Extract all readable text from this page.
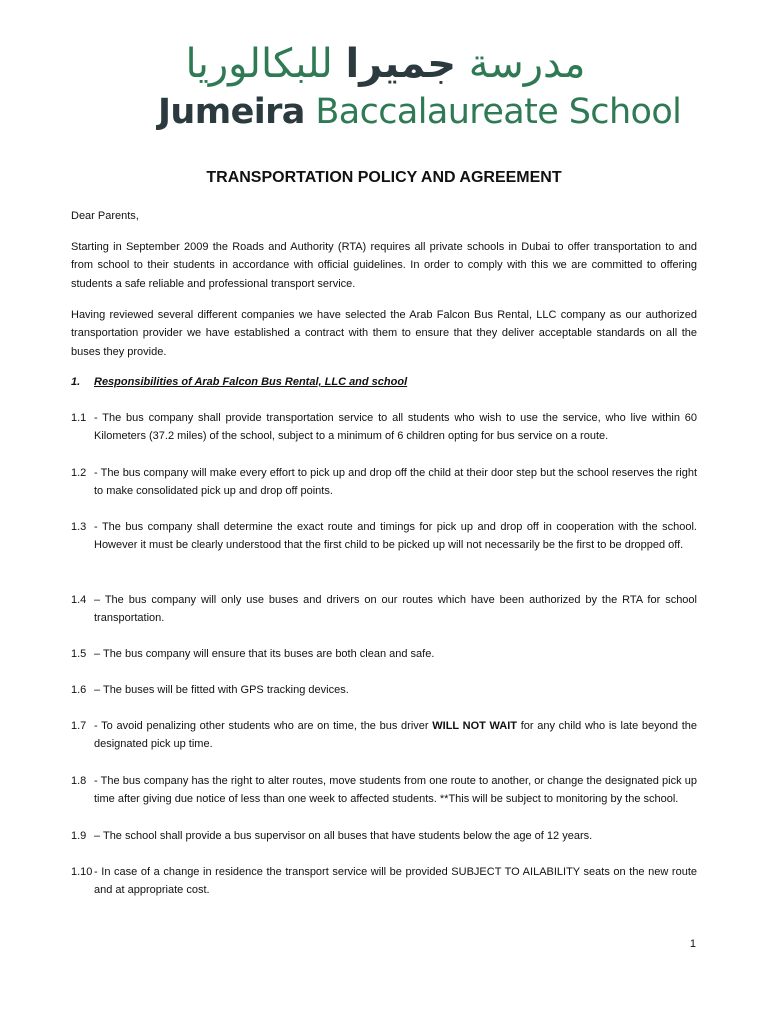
مدرسة جميرا للبكالوريا
Jumeira Baccalaureate School
TRANSPORTATION POLICY AND AGREEMENT
Dear Parents,
Starting in September 2009 the Roads and Authority (RTA) requires all private schools in Dubai to offer transportation to and from school to their students in accordance with official guidelines. In order to comply with this we are committed to offering students a safe reliable and professional transport service.
Having reviewed several different companies we have selected the Arab Falcon Bus Rental, LLC company as our authorized transportation provider we have established a contract with them to ensure that they deliver acceptable standards on all the buses they provide.
1. Responsibilities of Arab Falcon Bus Rental, LLC and school
1.1 - The bus company shall provide transportation service to all students who wish to use the service, who live within 60 Kilometers (37.2 miles) of the school, subject to a minimum of 6 children opting for bus service on a route.
1.2 - The bus company will make every effort to pick up and drop off the child at their door step but the school reserves the right to make consolidated pick up and drop off points.
1.3 - The bus company shall determine the exact route and timings for pick up and drop off in cooperation with the school. However it must be clearly understood that the first child to be picked up will not necessarily be the first to be dropped off.
1.4 – The bus company will only use buses and drivers on our routes which have been authorized by the RTA for school transportation.
1.5 – The bus company will ensure that its buses are both clean and safe.
1.6 – The buses will be fitted with GPS tracking devices.
1.7 - To avoid penalizing other students who are on time, the bus driver WILL NOT WAIT for any child who is late beyond the designated pick up time.
1.8 - The bus company has the right to alter routes, move students from one route to another, or change the designated pick up time after giving due notice of less than one week to affected students. **This will be subject to monitoring by the school.
1.9 – The school shall provide a bus supervisor on all buses that have students below the age of 12 years.
1.10 - In case of a change in residence the transport service will be provided SUBJECT TO AILABILITY seats on the new route and at appropriate cost.
1
